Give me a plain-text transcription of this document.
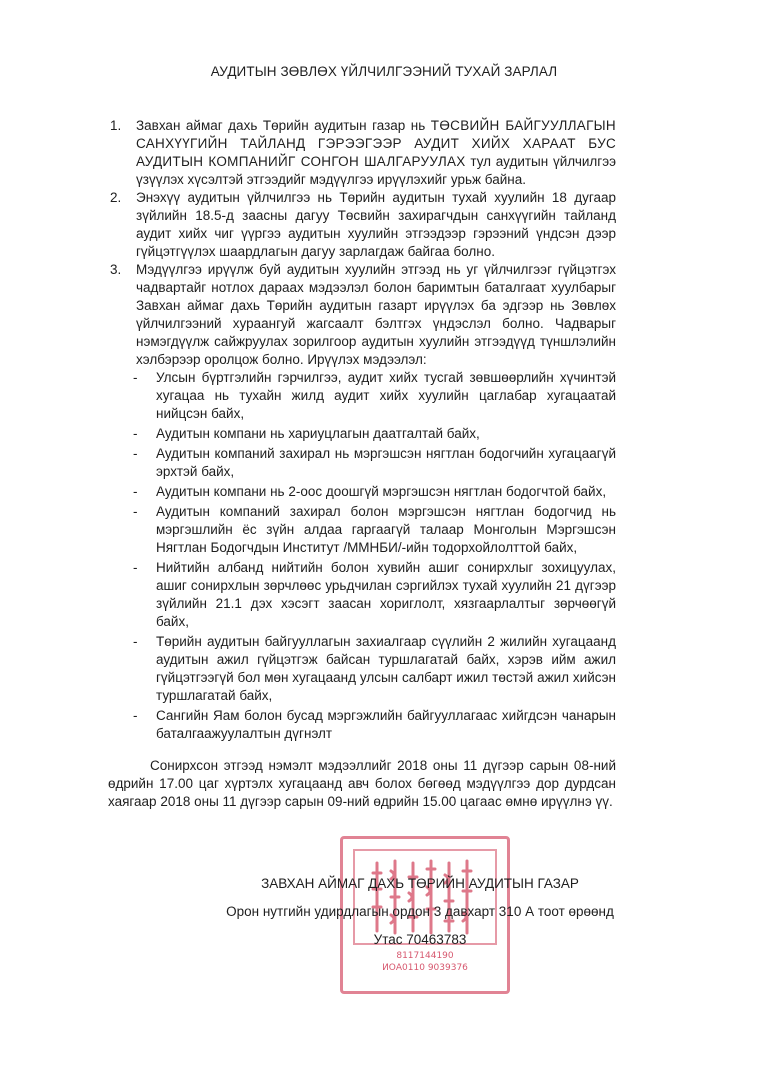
АУДИТЫН ЗӨВЛӨХ ҮЙЛЧИЛГЭЭНИЙ ТУХАЙ ЗАРЛАЛ
1. Завхан аймаг дахь Төрийн аудитын газар нь ТӨСВИЙН БАЙГУУЛЛАГЫН САНХҮҮГИЙН ТАЙЛАНД ГЭРЭЭГЭЭР АУДИТ ХИЙХ ХАРААТ БУС АУДИТЫН КОМПАНИЙГ СОНГОН ШАЛГАРУУЛАХ тул аудитын үйлчилгээ үзүүлэх хүсэлтэй этгээдийг мэдүүлгээ ирүүлэхийг урьж байна.
2. Энэхүү аудитын үйлчилгээ нь Төрийн аудитын тухай хуулийн 18 дугаар зүйлийн 18.5-д заасны дагуу Төсвийн захирагчдын санхүүгийн тайланд аудит хийх чиг үүргээ аудитын хуулийн этгээдээр гэрээний үндсэн дээр гүйцэтгүүлэх шаардлагын дагуу зарлагдаж байгаа болно.
3. Мэдүүлгээ ирүүлж буй аудитын хуулийн этгээд нь уг үйлчилгээг гүйцэтгэх чадвартайг нотлох дараах мэдээлэл болон баримтын баталгаат хуулбарыг Завхан аймаг дахь Төрийн аудитын газарт ирүүлэх ба эдгээр нь Зөвлөх үйлчилгээний хураангуй жагсаалт бэлтгэх үндэслэл болно. Чадварыг нэмэгдүүлж сайжруулах зорилгоор аудитын хуулийн этгээдүүд түншлэлийн хэлбэрээр оролцож болно. Ирүүлэх мэдээлэл:
- Улсын бүртгэлийн гэрчилгээ, аудит хийх тусгай зөвшөөрлийн хүчинтэй хугацаа нь тухайн жилд аудит хийх хуулийн цаглабар хугацаатай нийцсэн байх,
- Аудитын компани нь хариуцлагын даатгалтай байх,
- Аудитын компаний захирал нь мэргэшсэн нягтлан бодогчийн хугацаагүй эрхтэй байх,
- Аудитын компани нь 2-оос доошгүй мэргэшсэн нягтлан бодогчтой байх,
- Аудитын компаний захирал болон мэргэшсэн нягтлан бодогчид нь мэргэшлийн ёс зүйн алдаа гаргаагүй талаар Монголын Мэргэшсэн Нягтлан Бодогчдын Институт /ММНБИ/-ийн тодорхойлолттой байх,
- Нийтийн албанд нийтийн болон хувийн ашиг сонирхлыг зохицуулах, ашиг сонирхлын зөрчлөөс урьдчилан сэргийлэх тухай хуулийн 21 дүгээр зүйлийн 21.1 дэх хэсэгт заасан хориглолт, хязгаарлалтыг зөрчөөгүй байх,
- Төрийн аудитын байгууллагын захиалгаар сүүлийн 2 жилийн хугацаанд аудитын ажил гүйцэтгэж байсан туршлагатай байх, хэрэв ийм ажил гүйцэтгээгүй бол мөн хугацаанд улсын салбарт ижил төстэй ажил хийсэн туршлагатай байх,
- Сангийн Яам болон бусад мэргэжлийн байгууллагаас хийгдсэн чанарын баталгаажуулалтын дүгнэлт

Сонирхсон этгээд нэмэлт мэдээллийг 2018 оны 11 дүгээр сарын 08-ний өдрийн 17.00 цаг хүртэлх хугацаанд авч болох бөгөөд мэдүүлгээ дор дурдсан хаягаар 2018 оны 11 дүгээр сарын 09-ний өдрийн 15.00 цагаас өмнө ирүүлнэ үү.

8117144190
ИОА0110 9039376
ЗАВХАН АЙМАГ ДАХЬ ТӨРИЙН АУДИТЫН ГАЗАР
Орон нутгийн удирдлагын ордон 3 давхарт 310 А тоот өрөөнд
Утас 70463783
